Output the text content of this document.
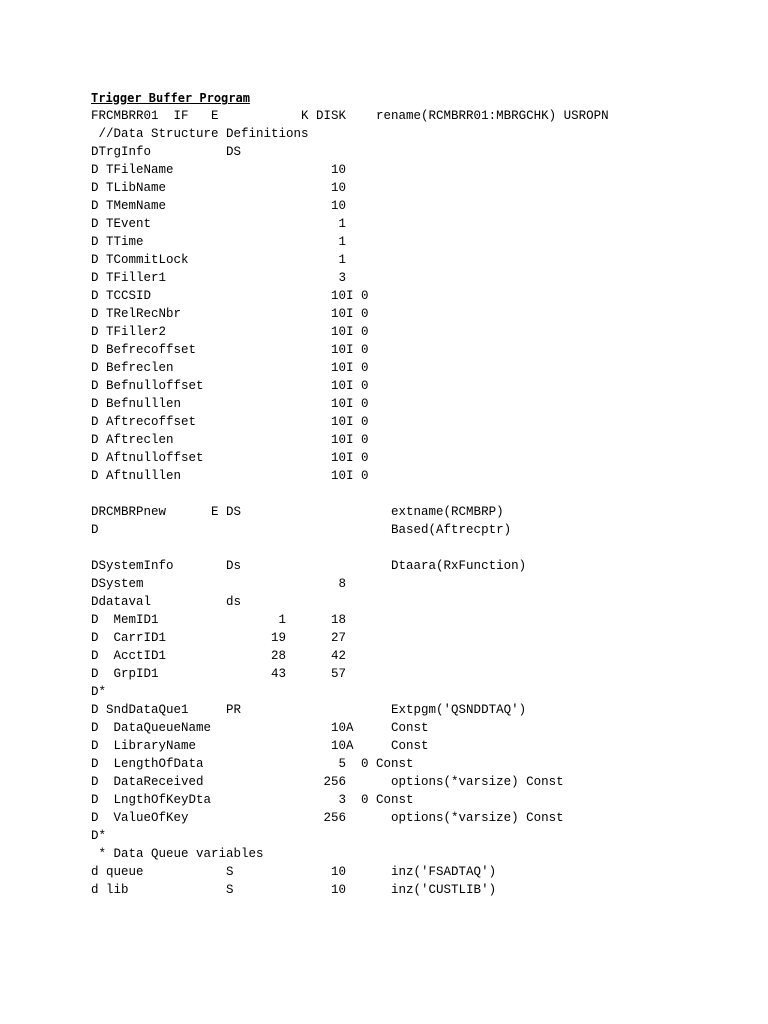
Trigger Buffer Program
FRCMBRR01  IF   E           K DISK    rename(RCMBRR01:MBRGCHK) USROPN
//Data Structure Definitions
DTrgInfo          DS
D TFileName                     10
D TLibName                      10
D TMemName                      10
D TEvent                         1
D TTime                          1
D TCommitLock                    1
D TFiller1                       3
D TCCSID                        10I 0
D TRelRecNbr                    10I 0
D TFiller2                      10I 0
D Befrecoffset                  10I 0
D Befreclen                     10I 0
D Befnulloffset                 10I 0
D Befnulllen                    10I 0
D Aftrecoffset                  10I 0
D Aftreclen                     10I 0
D Aftnulloffset                 10I 0
D Aftnulllen                    10I 0
DRCMBRPnew      E DS                    extname(RCMBRP)
D                                       Based(Aftrecptr)
DSystemInfo       Ds                    Dtaara(RxFunction)
DSystem                          8
Ddataval          ds
D  MemID1                1      18
D  CarrID1              19      27
D  AcctID1              28      42
D  GrpID1               43      57
D*
D SndDataQue1     PR                    Extpgm('QSNDDTAQ')
D  DataQueueName                10A     Const
D  LibraryName                  10A     Const
D  LengthOfData                  5  0 Const
D  DataReceived                256      options(*varsize) Const
D  LngthOfKeyDta                 3  0 Const
D  ValueOfKey                  256      options(*varsize) Const
D*
* Data Queue variables
d queue           S             10      inz('FSADTAQ')
d lib             S             10      inz('CUSTLIB')
